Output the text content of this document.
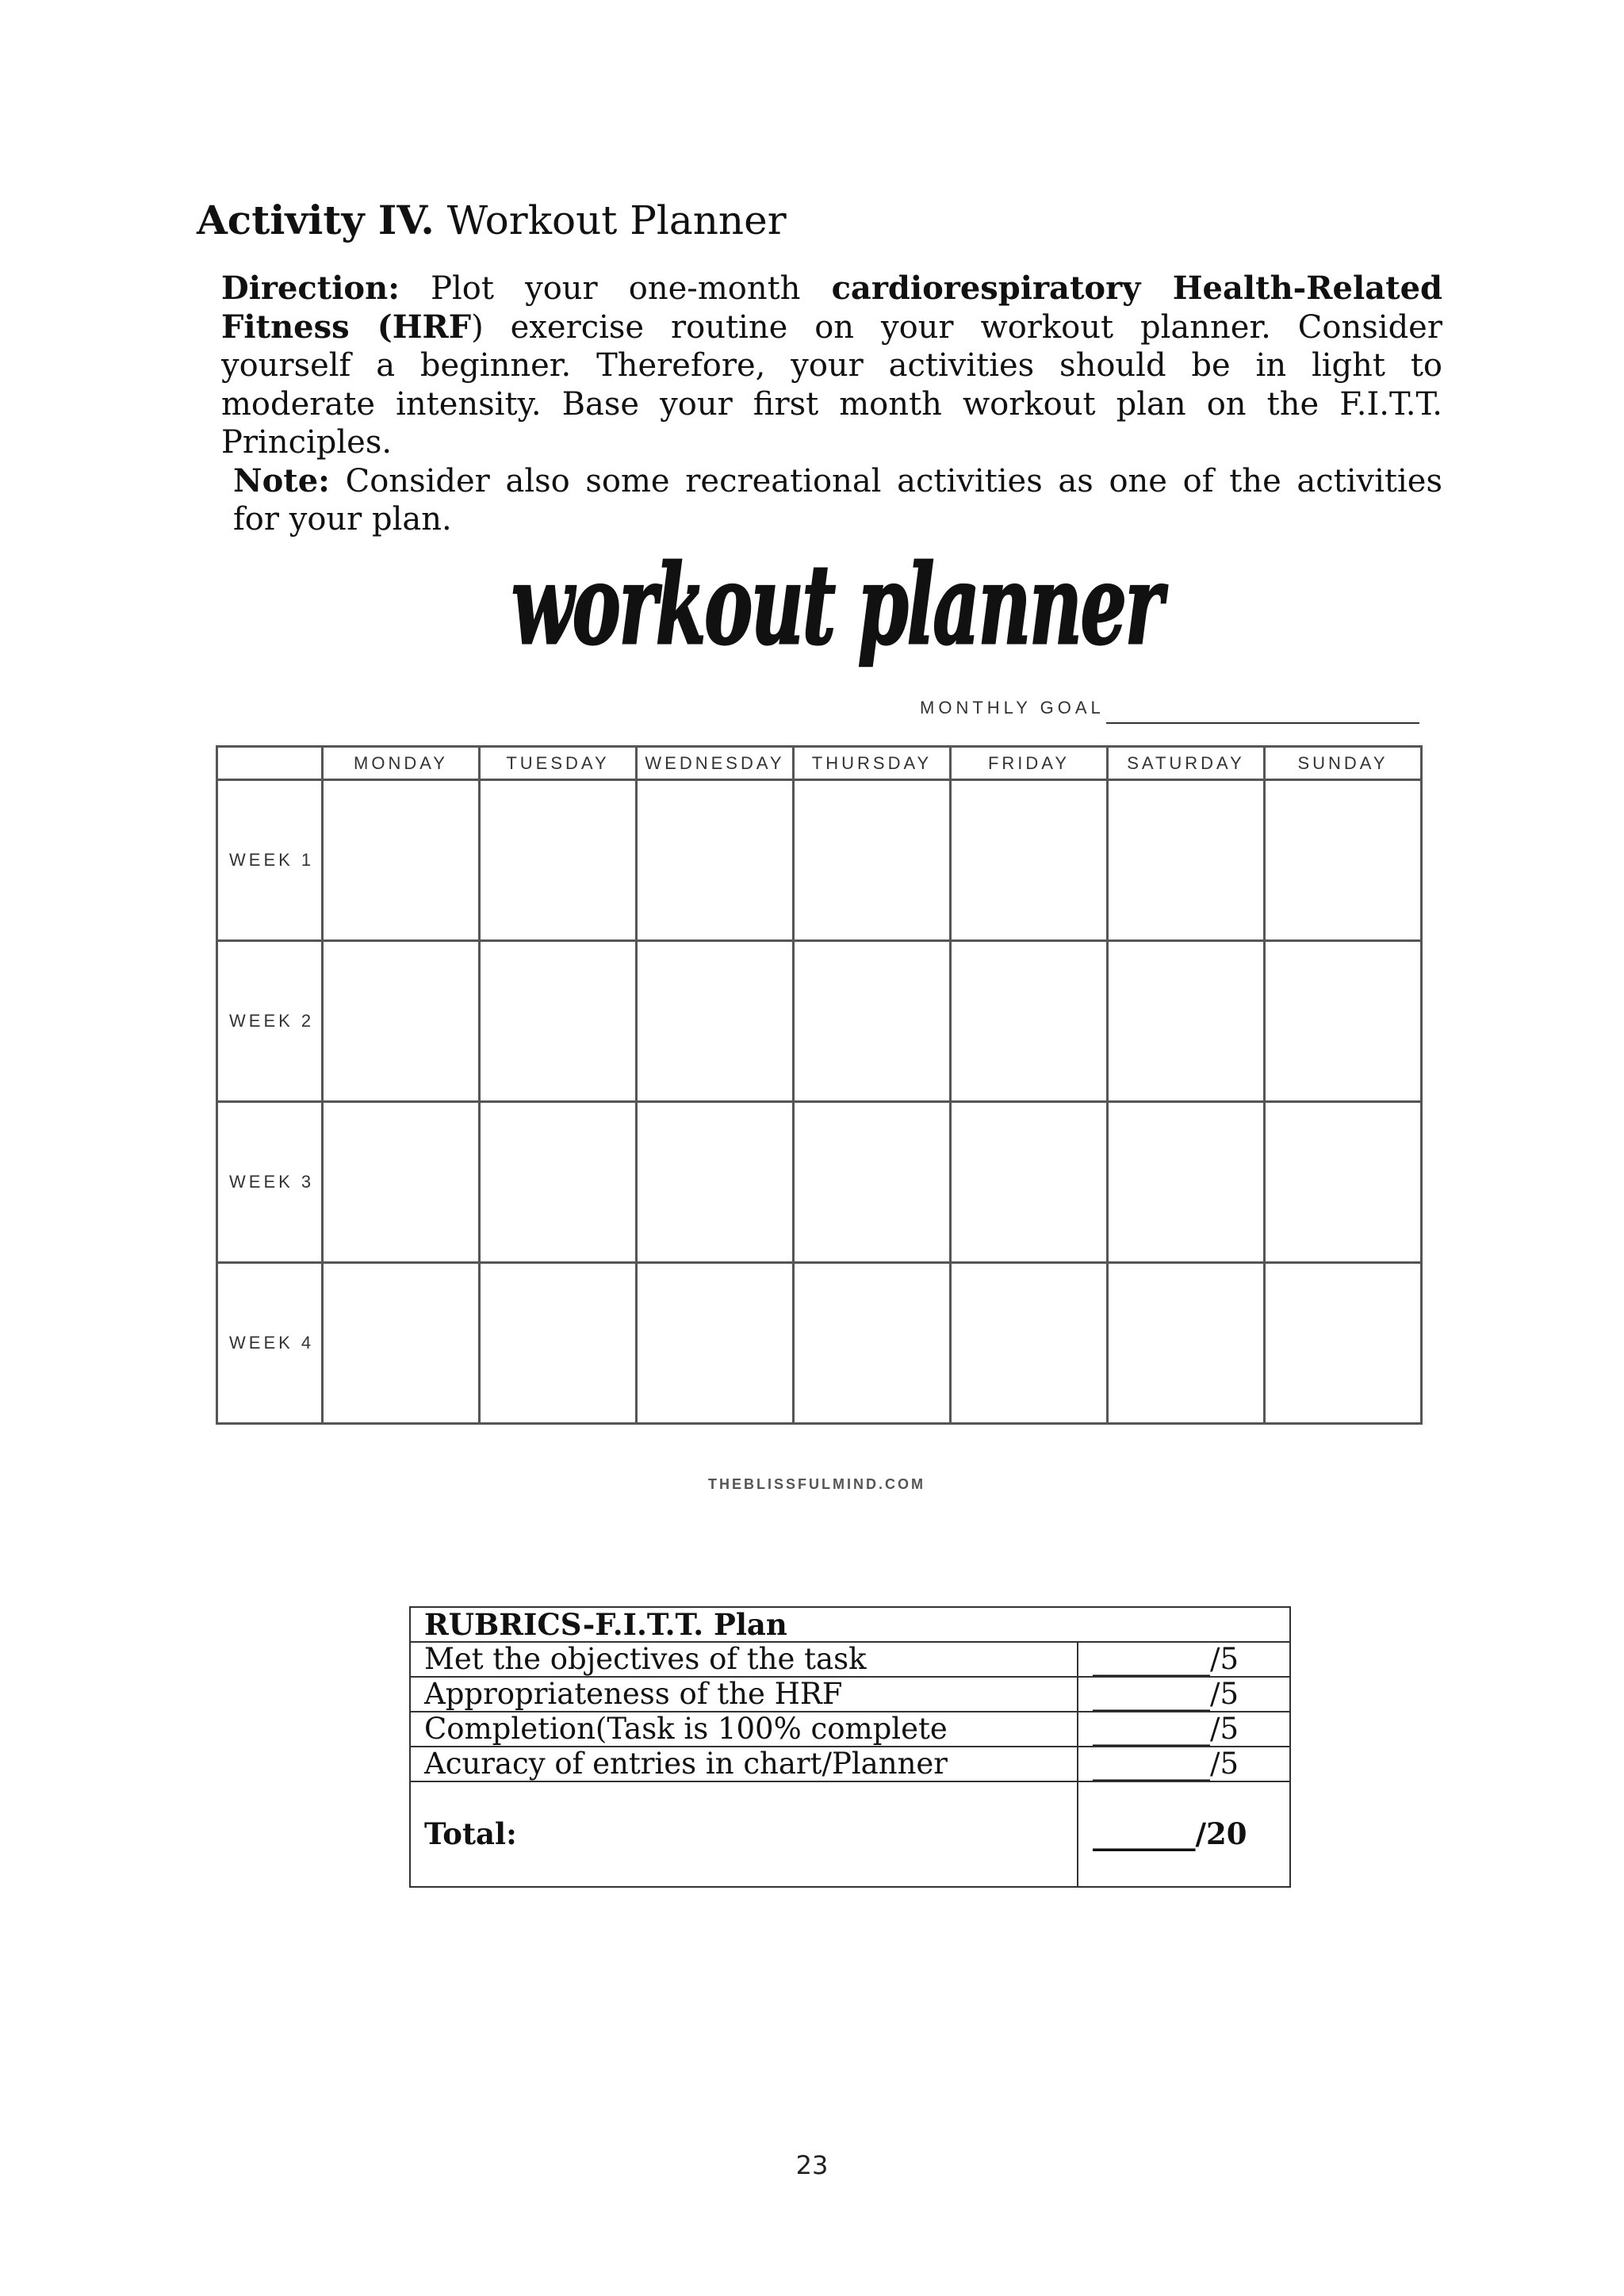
Activity IV. Workout Planner

Direction: Plot your one-month cardiorespiratory Health-Related Fitness (HRF) exercise routine on your workout planner. Consider yourself a beginner. Therefore, your activities should be in light to moderate intensity. Base your first month workout plan on the F.I.T.T. Principles.

Note: Consider also some recreational activities as one of the activities for your plan.

workout planner
MONTHLY GOAL
	MONDAY	TUESDAY	WEDNESDAY	THURSDAY	FRIDAY	SATURDAY	SUNDAY
WEEK 1							
WEEK 2							
WEEK 3							
WEEK 4							
THEBLISSFULMIND.COM
RUBRICS-F.I.T.T. Plan	
Met the objectives of the task	________/5
Appropriateness of the HRF	________/5
Completion(Task is 100% complete	________/5
Acuracy of entries in chart/Planner	________/5
Total:	_______/20
23
